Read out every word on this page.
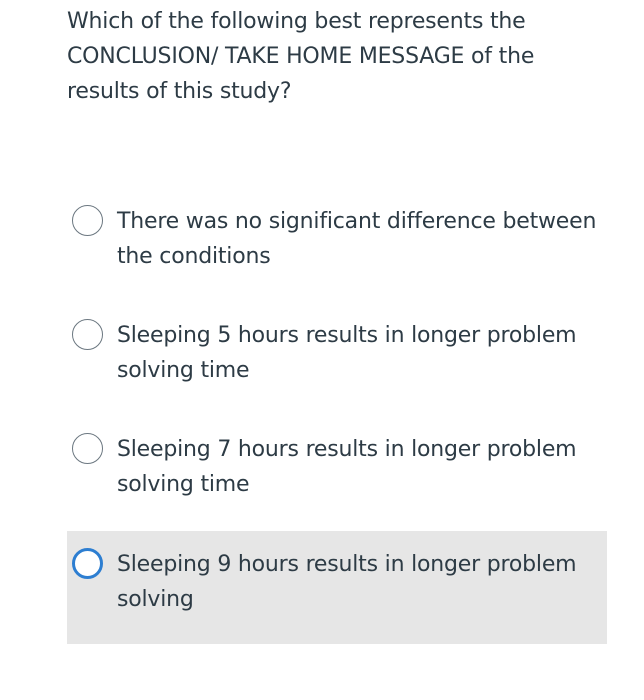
Which of the following best represents the CONCLUSION/ TAKE HOME MESSAGE of the results of this study?
There was no significant difference between the conditions
Sleeping 5 hours results in longer problem solving time
Sleeping 7 hours results in longer problem solving time
Sleeping 9 hours results in longer problem solving
